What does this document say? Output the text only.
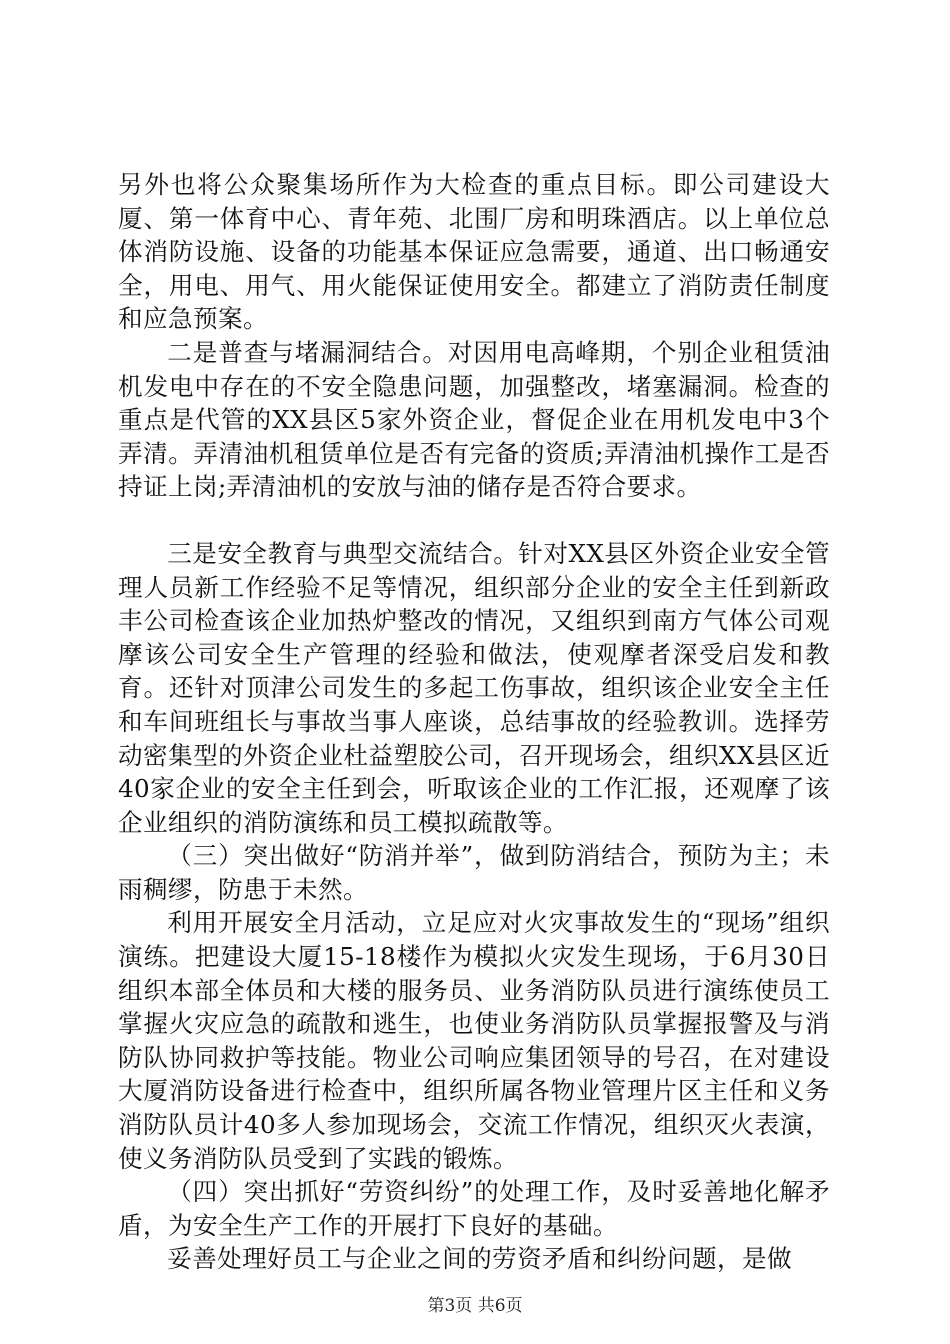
另外也将公众聚集场所作为大检查的重点目标。即公司建设大厦、第一体育中心、青年苑、北围厂房和明珠酒店。以上单位总体消防设施、设备的功能基本保证应急需要，通道、出口畅通安全，用电、用气、用火能保证使用安全。都建立了消防责任制度和应急预案。

二是普查与堵漏洞结合。对因用电高峰期，个别企业租赁油机发电中存在的不安全隐患问题，加强整改，堵塞漏洞。检查的重点是代管的XX县区5家外资企业，督促企业在用机发电中3个弄清。弄清油机租赁单位是否有完备的资质;弄清油机操作工是否持证上岗;弄清油机的安放与油的储存是否符合要求。

三是安全教育与典型交流结合。针对XX县区外资企业安全管理人员新工作经验不足等情况，组织部分企业的安全主任到新政丰公司检查该企业加热炉整改的情况，又组织到南方气体公司观摩该公司安全生产管理的经验和做法，使观摩者深受启发和教育。还针对顶津公司发生的多起工伤事故，组织该企业安全主任和车间班组长与事故当事人座谈，总结事故的经验教训。选择劳动密集型的外资企业杜益塑胶公司，召开现场会，组织XX县区近40家企业的安全主任到会，听取该企业的工作汇报，还观摩了该企业组织的消防演练和员工模拟疏散等。

（三）突出做好“防消并举”，做到防消结合，预防为主；未雨稠缪，防患于未然。

利用开展安全月活动，立足应对火灾事故发生的“现场”组织演练。把建设大厦15-18楼作为模拟火灾发生现场，于6月30日组织本部全体员和大楼的服务员、业务消防队员进行演练使员工掌握火灾应急的疏散和逃生，也使业务消防队员掌握报警及与消防队协同救护等技能。物业公司响应集团领导的号召，在对建设大厦消防设备进行检查中，组织所属各物业管理片区主任和义务消防队员计40多人参加现场会，交流工作情况，组织灭火表演，使义务消防队员受到了实践的锻炼。

（四）突出抓好“劳资纠纷”的处理工作，及时妥善地化解矛盾，为安全生产工作的开展打下良好的基础。

妥善处理好员工与企业之间的劳资矛盾和纠纷问题，是做

第3页 共6页
